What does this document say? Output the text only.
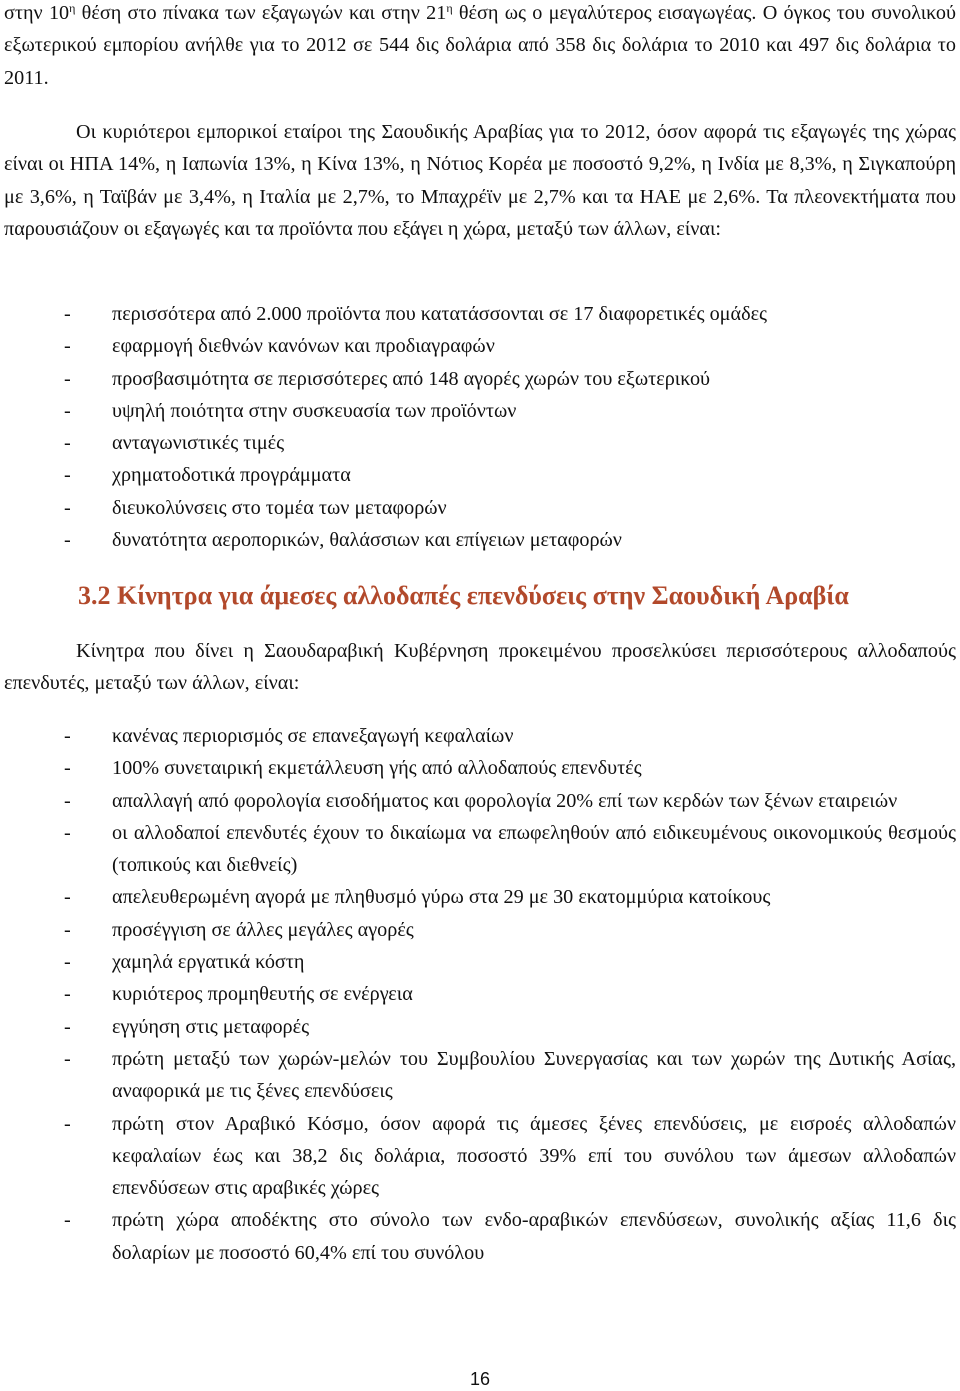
στην $10^\eta$ θέση στο πίνακα των εξαγωγών και στην $21^\eta$ θέση ως ο μεγαλύτερος εισαγωγέας. Ο όγκος του συνολικού εξωτερικού εμπορίου ανήλθε για το 2012 σε 544 δις δολάρια από 358 δις δολάρια το 2010 και 497 δις δολάρια το 2011.

Οι κυριότεροι εμπορικοί εταίροι της Σαουδικής Αραβίας για το 2012, όσον αφορά τις εξαγωγές της χώρας είναι οι ΗΠΑ 14%, η Ιαπωνία 13%, η Κίνα 13%, η Νότιος Κορέα με ποσοστό 9,2%, η Ινδία με 8,3%, η Σιγκαπούρη με 3,6%, η Ταϊβάν με 3,4%, η Ιταλία με 2,7%, το Μπαχρέϊν με 2,7% και τα ΗΑΕ με 2,6%. Τα πλεονεκτήματα που παρουσιάζουν οι εξαγωγές και τα προϊόντα που εξάγει η χώρα, μεταξύ των άλλων, είναι:

- περισσότερα από 2.000 προϊόντα που κατατάσσονται σε 17 διαφορετικές ομάδες
- εφαρμογή διεθνών κανόνων και προδιαγραφών
- προσβασιμότητα σε περισσότερες από 148 αγορές χωρών του εξωτερικού
- υψηλή ποιότητα στην συσκευασία των προϊόντων
- ανταγωνιστικές τιμές
- χρηματοδοτικά προγράμματα
- διευκολύνσεις στο τομέα των μεταφορών
- δυνατότητα αεροπορικών, θαλάσσιων και επίγειων μεταφορών
3.2 Κίνητρα για άμεσες αλλοδαπές επενδύσεις στην Σαουδική Αραβία

Κίνητρα που δίνει η Σαουδαραβική Κυβέρνηση προκειμένου προσελκύσει περισσότερους αλλοδαπούς επενδυτές, μεταξύ των άλλων, είναι:

- κανένας περιορισμός σε επανεξαγωγή κεφαλαίων
- 100% συνεταιρική εκμετάλλευση γής από αλλοδαπούς επενδυτές
- απαλλαγή από φορολογία εισοδήματος και φορολογία 20% επί των κερδών των ξένων εταιρειών
- οι αλλοδαποί επενδυτές έχουν το δικαίωμα να επωφεληθούν από ειδικευμένους οικονομικούς θεσμούς (τοπικούς και διεθνείς)
- απελευθερωμένη αγορά με πληθυσμό γύρω στα 29 με 30 εκατομμύρια κατοίκους
- προσέγγιση σε άλλες μεγάλες αγορές
- χαμηλά εργατικά κόστη
- κυριότερος προμηθευτής σε ενέργεια
- εγγύηση στις μεταφορές
- πρώτη μεταξύ των χωρών-μελών του Συμβουλίου Συνεργασίας και των χωρών της Δυτικής Ασίας, αναφορικά με τις ξένες επενδύσεις
- πρώτη στον Αραβικό Κόσμο, όσον αφορά τις άμεσες ξένες επενδύσεις, με εισροές αλλοδαπών κεφαλαίων έως και 38,2 δις δολάρια, ποσοστό 39% επί του συνόλου των άμεσων αλλοδαπών επενδύσεων στις αραβικές χώρες
- πρώτη χώρα αποδέκτης στο σύνολο των ενδο-αραβικών επενδύσεων, συνολικής αξίας 11,6 δις δολαρίων με ποσοστό 60,4% επί του συνόλου
16
